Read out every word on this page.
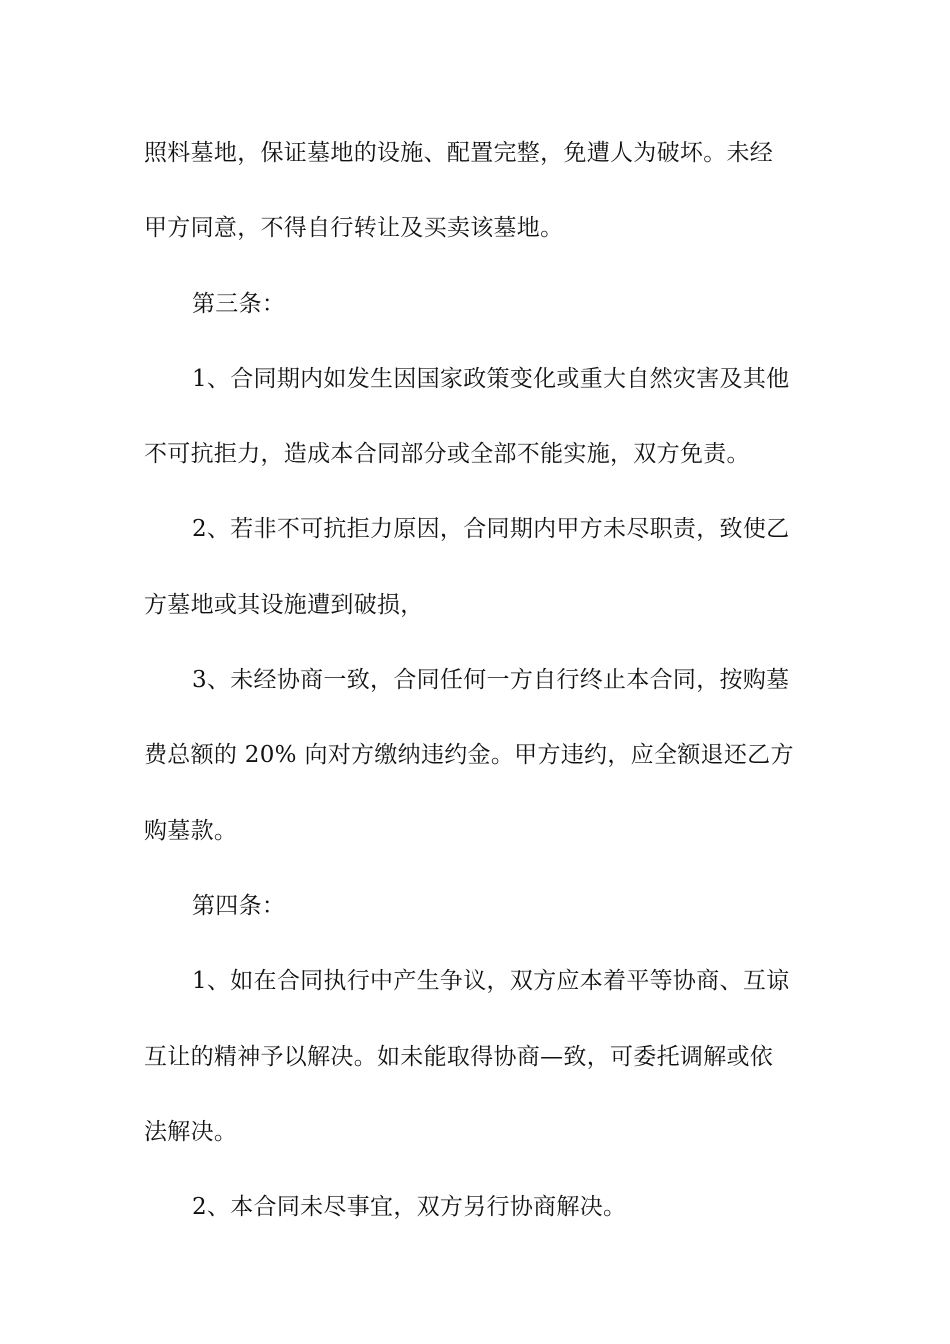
照料墓地，保证墓地的设施、配置完整，免遭人为破坏。未经
甲方同意，不得自行转让及买卖该墓地。
第三条：
1、合同期内如发生因国家政策变化或重大自然灾害及其他
不可抗拒力，造成本合同部分或全部不能实施，双方免责。
2、若非不可抗拒力原因，合同期内甲方未尽职责，致使乙
方墓地或其设施遭到破损，
3、未经协商一致，合同任何一方自行终止本合同，按购墓
费总额的 20% 向对方缴纳违约金。甲方违约，应全额退还乙方
购墓款。
第四条：
1、如在合同执行中产生争议，双方应本着平等协商、互谅
互让的精神予以解决。如未能取得协商—致，可委托调解或依
法解决。
2、本合同未尽事宜，双方另行协商解决。
